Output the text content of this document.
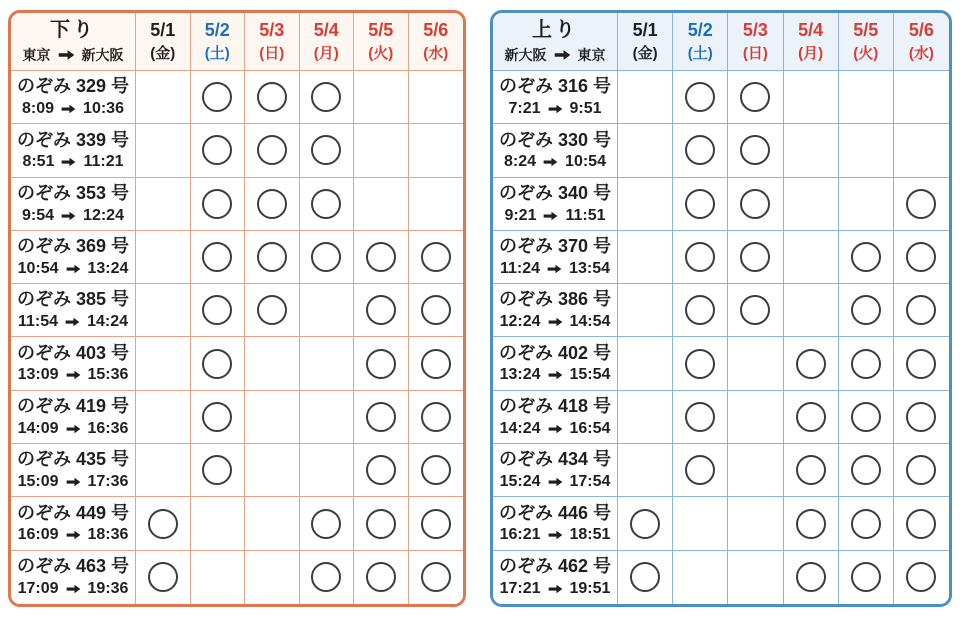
下り
東京 新大阪
5/1
(金)
5/2
(土)
5/3
(日)
5/4
(月)
5/5
(火)
5/6
(水)
のぞみ 329 号
8:09 10:36
のぞみ 339 号
8:51 11:21
のぞみ 353 号
9:54 12:24
のぞみ 369 号
10:54 13:24
のぞみ 385 号
11:54 14:24
のぞみ 403 号
13:09 15:36
のぞみ 419 号
14:09 16:36
のぞみ 435 号
15:09 17:36
のぞみ 449 号
16:09 18:36
のぞみ 463 号
17:09 19:36
上り
新大阪 東京
5/1
(金)
5/2
(土)
5/3
(日)
5/4
(月)
5/5
(火)
5/6
(水)
のぞみ 316 号
7:21 9:51
のぞみ 330 号
8:24 10:54
のぞみ 340 号
9:21 11:51
のぞみ 370 号
11:24 13:54
のぞみ 386 号
12:24 14:54
のぞみ 402 号
13:24 15:54
のぞみ 418 号
14:24 16:54
のぞみ 434 号
15:24 17:54
のぞみ 446 号
16:21 18:51
のぞみ 462 号
17:21 19:51
